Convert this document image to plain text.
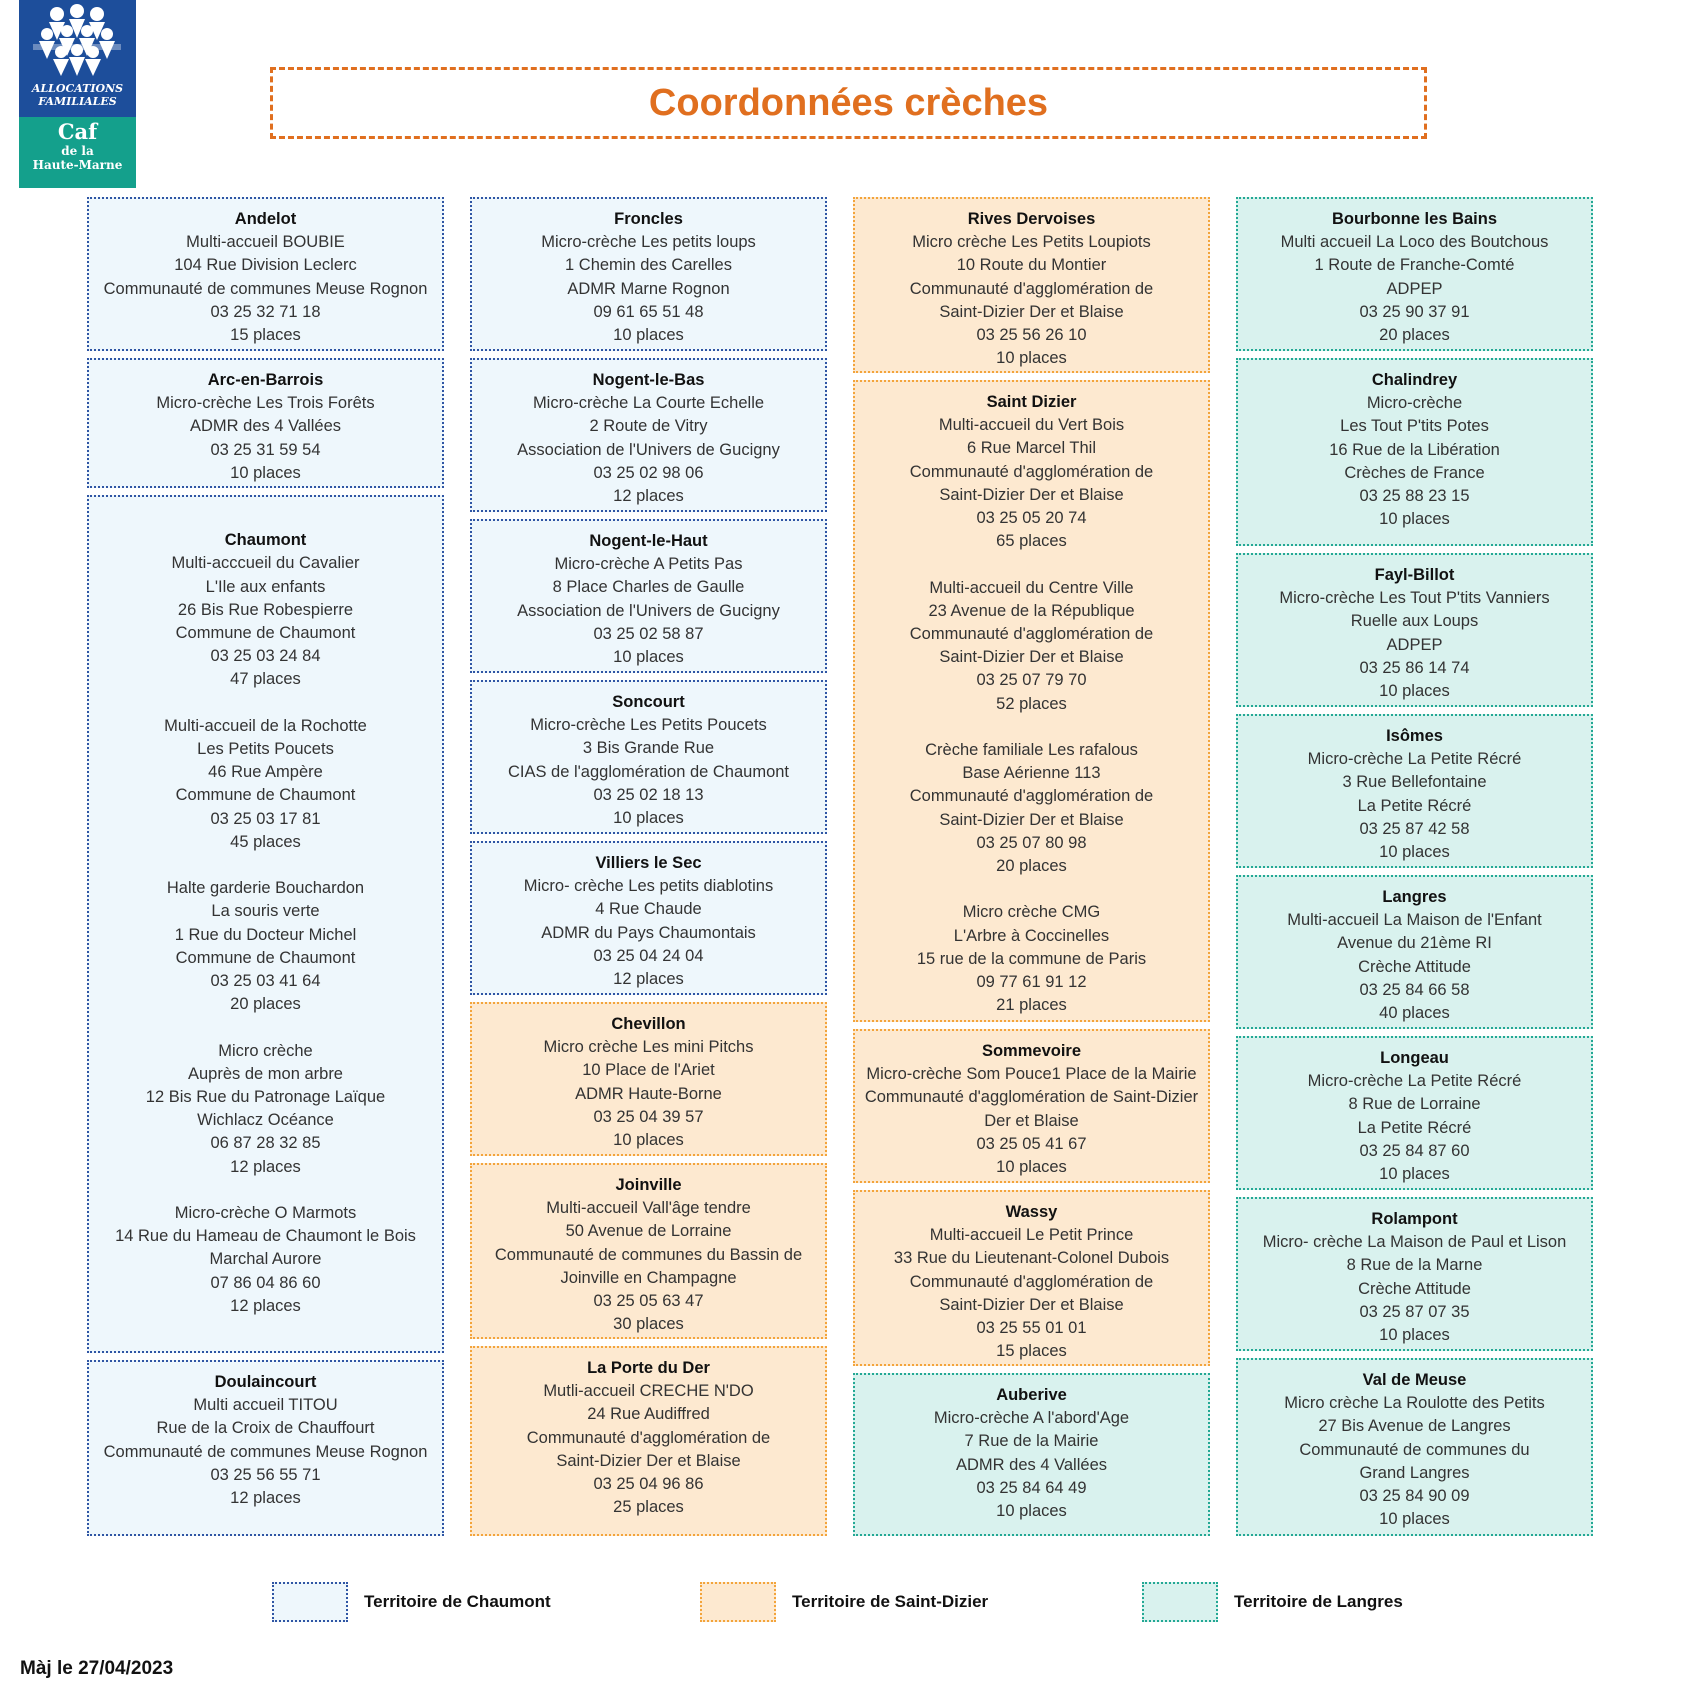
ALLOCATIONS
FAMILIALES
Caf
de la
Haute-Marne
Coordonnées crèches
Andelot
Multi-accueil BOUBIE
104 Rue Division Leclerc
Communauté de communes Meuse Rognon
03 25 32 71 18
15 places
Arc-en-Barrois
Micro-crèche Les Trois Forêts
ADMR des 4 Vallées
03 25 31 59 54
10 places
Chaumont
Multi-acccueil du Cavalier
L'Ile aux enfants
26 Bis Rue Robespierre
Commune de Chaumont
03 25 03 24 84
47 places
Multi-accueil de la Rochotte
Les Petits Poucets
46 Rue Ampère
Commune de Chaumont
03 25 03 17 81
45 places
Halte garderie Bouchardon
La souris verte
1 Rue du Docteur Michel
Commune de Chaumont
03 25 03 41 64
20 places
Micro crèche
Auprès de mon arbre
12 Bis Rue du Patronage Laïque
Wichlacz Océance
06 87 28 32 85
12 places
Micro-crèche O Marmots
14 Rue du Hameau de Chaumont le Bois
Marchal Aurore
07 86 04 86 60
12 places
Doulaincourt
Multi accueil TITOU
Rue de la Croix de Chauffourt
Communauté de communes Meuse Rognon
03 25 56 55 71
12 places
Froncles
Micro-crèche Les petits loups
1 Chemin des Carelles
ADMR Marne Rognon
09 61 65 51 48
10 places
Nogent-le-Bas
Micro-crèche La Courte Echelle
2 Route de Vitry
Association de l'Univers de Gucigny
03 25 02 98 06
12 places
Nogent-le-Haut
Micro-crèche A Petits Pas
8 Place Charles de Gaulle
Association de l'Univers de Gucigny
03 25 02 58 87
10 places
Soncourt
Micro-crèche Les Petits Poucets
3 Bis Grande Rue
CIAS de l'agglomération de Chaumont
03 25 02 18 13
10 places
Villiers le Sec
Micro- crèche Les petits diablotins
4 Rue Chaude
ADMR du Pays Chaumontais
03 25 04 24 04
12 places
Chevillon
Micro crèche Les mini Pitchs
10 Place de l'Ariet
ADMR Haute-Borne
03 25 04 39 57
10 places
Joinville
Multi-accueil Vall'âge tendre
50 Avenue de Lorraine
Communauté de communes du Bassin de
Joinville en Champagne
03 25 05 63 47
30 places
La Porte du Der
Mutli-accueil CRECHE N'DO
24 Rue Audiffred
Communauté d'agglomération de
Saint-Dizier Der et Blaise
03 25 04 96 86
25 places
Rives Dervoises
Micro crèche Les Petits Loupiots
10 Route du Montier
Communauté d'agglomération de
Saint-Dizier Der et Blaise
03 25 56 26 10
10 places
Saint Dizier
Multi-accueil du Vert Bois
6 Rue Marcel Thil
Communauté d'agglomération de
Saint-Dizier Der et Blaise
03 25 05 20 74
65 places
Multi-accueil du Centre Ville
23 Avenue de la République
Communauté d'agglomération de
Saint-Dizier Der et Blaise
03 25 07 79 70
52 places
Crèche familiale Les rafalous
Base Aérienne 113
Communauté d'agglomération de
Saint-Dizier Der et Blaise
03 25 07 80 98
20 places
Micro crèche CMG
L'Arbre à Coccinelles
15 rue de la commune de Paris
09 77 61 91 12
21 places
Sommevoire
Micro-crèche Som Pouce1 Place de la Mairie
Communauté d'agglomération de Saint-Dizier
Der et Blaise
03 25 05 41 67
10 places
Wassy
Multi-accueil Le Petit Prince
33 Rue du Lieutenant-Colonel Dubois
Communauté d'agglomération de
Saint-Dizier Der et Blaise
03 25 55 01 01
15 places
Auberive
Micro-crèche A l'abord'Age
7 Rue de la Mairie
ADMR des 4 Vallées
03 25 84 64 49
10 places
Bourbonne les Bains
Multi accueil La Loco des Boutchous
1 Route de Franche-Comté
ADPEP
03 25 90 37 91
20 places
Chalindrey
Micro-crèche
Les Tout P'tits Potes
16 Rue de la Libération
Crèches de France
03 25 88 23 15
10 places
Fayl-Billot
Micro-crèche Les Tout P'tits Vanniers
Ruelle aux Loups
ADPEP
03 25 86 14 74
10 places
Isômes
Micro-crèche La Petite Récré
3 Rue Bellefontaine
La Petite Récré
03 25 87 42 58
10 places
Langres
Multi-accueil La Maison de l'Enfant
Avenue du 21ème RI
Crèche Attitude
03 25 84 66 58
40 places
Longeau
Micro-crèche La Petite Récré
8 Rue de Lorraine
La Petite Récré
03 25 84 87 60
10 places
Rolampont
Micro- crèche La Maison de Paul et Lison
8 Rue de la Marne
Crèche Attitude
03 25 87 07 35
10 places
Val de Meuse
Micro crèche La Roulotte des Petits
27 Bis Avenue de Langres
Communauté de communes du
Grand Langres
03 25 84 90 09
10 places
Territoire de Chaumont	Territoire de Saint-Dizier	Territoire de Langres
Màj le 27/04/2023
